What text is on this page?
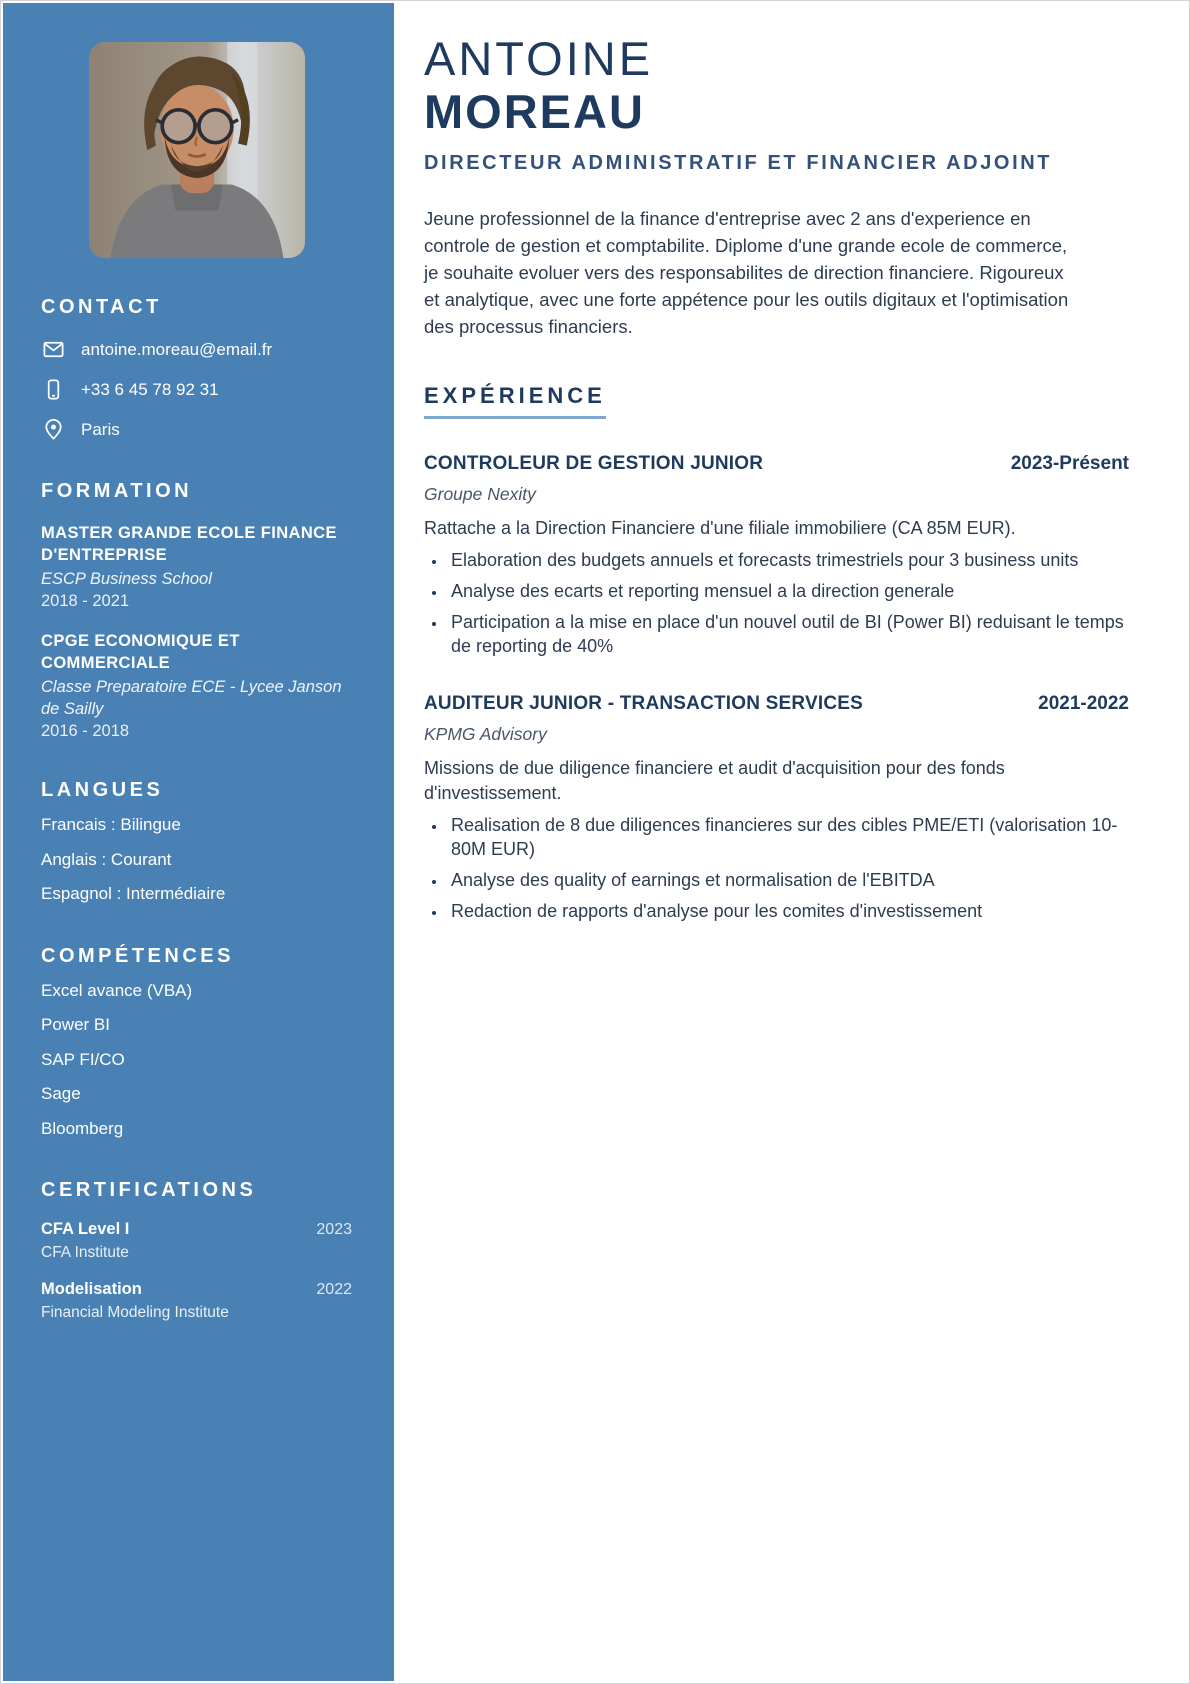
CONTACT
antoine.moreau@email.fr
+33 6 45 78 92 31
Paris
FORMATION
MASTER GRANDE ECOLE FINANCE D'ENTREPRISE
ESCP Business School
2018 - 2021
CPGE ECONOMIQUE ET COMMERCIALE
Classe Preparatoire ECE - Lycee Janson de Sailly
2016 - 2018
LANGUES
Francais : Bilingue
Anglais : Courant
Espagnol : Intermédiaire
COMPÉTENCES
Excel avance (VBA)
Power BI
SAP FI/CO
Sage
Bloomberg
CERTIFICATIONS
CFA Level I	2023
CFA Institute
Modelisation	2022
Financial Modeling Institute
ANTOINE
MOREAU
DIRECTEUR ADMINISTRATIF ET FINANCIER ADJOINT

Jeune professionnel de la finance d'entreprise avec 2 ans d'experience en controle de gestion et comptabilite. Diplome d'une grande ecole de commerce, je souhaite evoluer vers des responsabilites de direction financiere. Rigoureux et analytique, avec une forte appétence pour les outils digitaux et l'optimisation des processus financiers.

EXPÉRIENCE
CONTROLEUR DE GESTION JUNIOR	2023-Présent
Groupe Nexity
Rattache a la Direction Financiere d'une filiale immobiliere (CA 85M EUR).
• Elaboration des budgets annuels et forecasts trimestriels pour 3 business units
• Analyse des ecarts et reporting mensuel a la direction generale
• Participation a la mise en place d'un nouvel outil de BI (Power BI) reduisant le temps de reporting de 40%
AUDITEUR JUNIOR - TRANSACTION SERVICES	2021-2022
KPMG Advisory
Missions de due diligence financiere et audit d'acquisition pour des fonds d'investissement.
• Realisation de 8 due diligences financieres sur des cibles PME/ETI (valorisation 10-80M EUR)
• Analyse des quality of earnings et normalisation de l'EBITDA
• Redaction de rapports d'analyse pour les comites d'investissement
